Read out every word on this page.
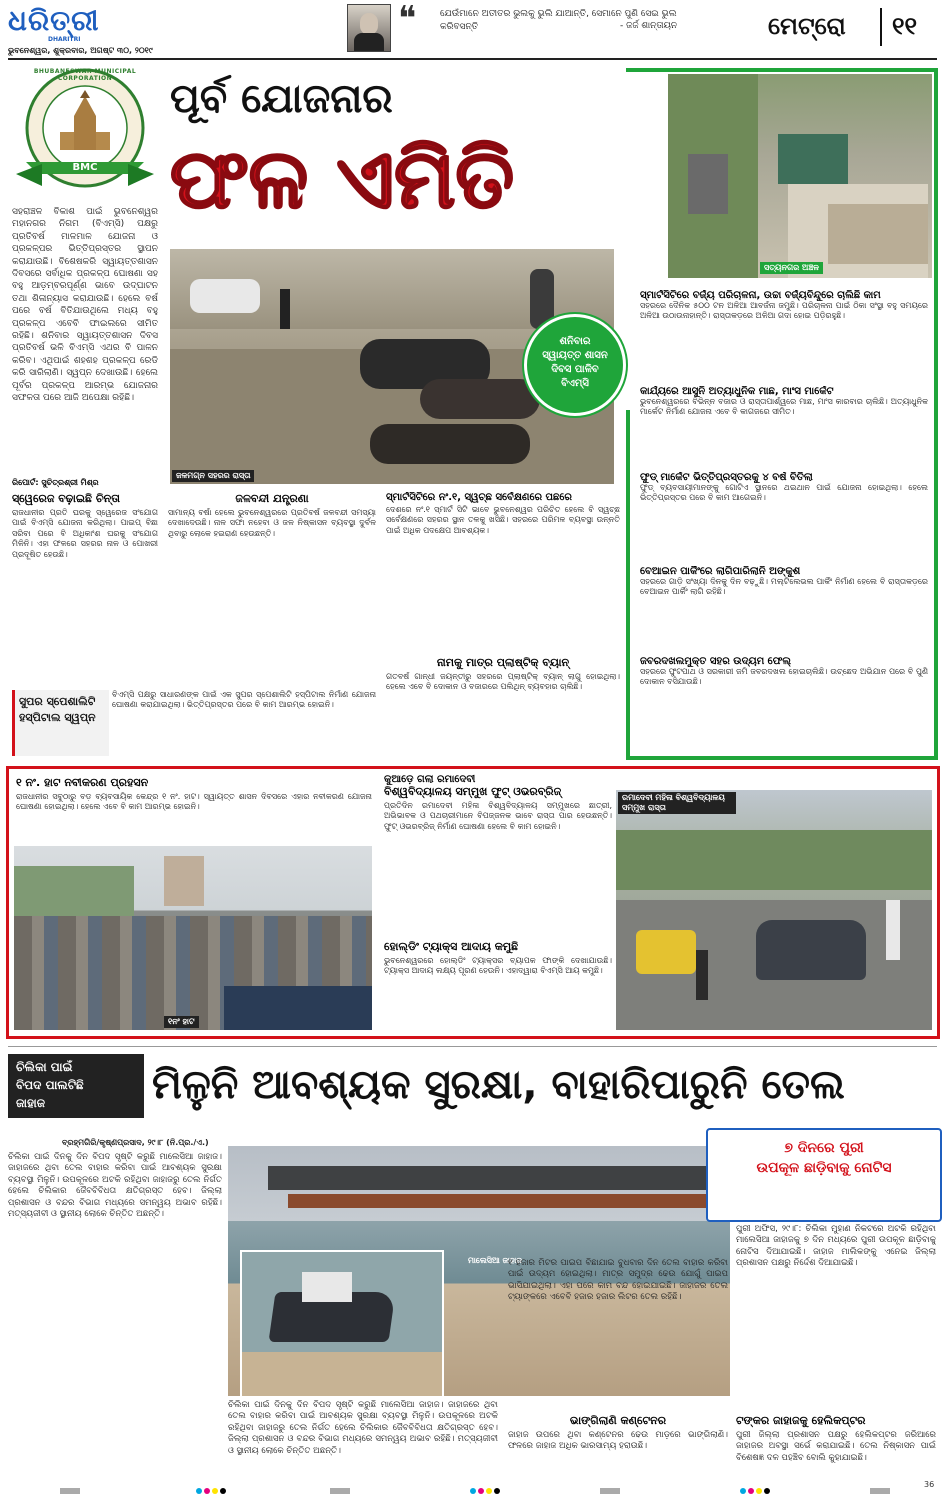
ଧରିତ୍ରୀ
DHARITRI
ଭୁବନେଶ୍ୱର, ଶୁକ୍ରବାର, ଅଗଷ୍ଟ ୩୦, ୨୦୧୯
❝	ଯେଉଁମାନେ ଅତୀତର ଭୁଲକୁ ଭୁଲି ଯାଆନ୍ତି, ସେମାନେ ପୁଣି ସେଇ ଭୁଲ କରିବସନ୍ତି	- ଜର୍ଜ ଶାନ୍ତାୟନ	ମେଟ୍ରୋ ୧୧
BHUBANESWAR MUNICIPAL CORPORATION
BMC
ପୂର୍ବ ଯୋଜନାର
ଫଳ ଏମିତି
ସହରାଞ୍ଚଳ ବିକାଶ ପାଇଁ ଭୁବନେଶ୍ୱର ମହାନଗର ନିଗମ (ବିଏମ୍‌ସି) ପକ୍ଷରୁ ପ୍ରତିବର୍ଷ ମାଳମାଳ ଯୋଜନା ଓ ପ୍ରକଳ୍ପର ଭିତ୍ତିପ୍ରସ୍ତର ସ୍ଥାପନ କରାଯାଉଛି। ବିଶେଷକରି ସ୍ୱାୟତ୍ତଶାସନ ଦିବସରେ ସର୍ବାଧିକ ପ୍ରକଳ୍ପ ଘୋଷଣା ସହ ବହୁ ଆଡ଼ମ୍ବରପୂର୍ଣ୍ଣ ଭାବେ ଉଦ୍‌ଘାଟନ ତଥା ଶିଳାନ୍ୟାସ କରାଯାଉଛି। ହେଲେ ବର୍ଷ ପରେ ବର୍ଷ ବିତିଯାଉଥିଲେ ମଧ୍ୟ ବହୁ ପ୍ରକଳ୍ପ ଏବେବି ଫାଇଲରେ ସୀମିତ ରହିଛି। ଶନିବାର ସ୍ୱାୟତ୍ତଶାସନ ଦିବସ ପ୍ରତିବର୍ଷ ଭଳି ବିଏମ୍‌ସି ଏଥର ବି ପାଳନ କରିବ। ଏଥିପାଇଁ ଶହଶହ ପ୍ରକଳ୍ପ ରେଡି କରି ସାରିଲାଣି। ସ୍ୱପ୍ନ ଦେଖାଉଛି। ହେଲେ ପୂର୍ବର ପ୍ରକଳ୍ପ ଆରମ୍ଭ ଯୋଜନାର ସଫଳତା ପରେ ଆଜି ଅପେକ୍ଷା ରହିଛି।
ରିପୋର୍ଟ: ସୁଚିତ୍ରଶ୍ରୀ ମିଶ୍ର
ଜଳମଗ୍ନ ସହରର ରାସ୍ତା
ଶନିବାର
ସ୍ୱାୟତ୍ତ ଶାସନ
ଦିବସ ପାଳିବ
ବିଏମ୍‌ସି
ସତ୍ୟନଗର ଅଞ୍ଚଳ
ସ୍ମାର୍ଟସିଟିରେ ବର୍ଜ୍ୟ ପରିଚାଳନା, ଉଚ୍ଚା ବର୍ଜ୍ୟବିନ୍ଦୁରେ ଚାଲିଛି କାମ
ସହରରେ ଦୈନିକ ୫୦୦ ଟନ ଅଳିଆ ଆବର୍ଜନା ଜମୁଛି। ପରିଚାଳନା ପାଇଁ ଠିକା ସଂସ୍ଥା ବହୁ ସମୟରେ ଅଳିଆ ଉଠାଉନାହାନ୍ତି। ରାସ୍ତାକଡ଼ରେ ଅଳିଆ ଗଦା ହୋଇ ପଡ଼ିରହୁଛି।
କାର୍ଯ୍ୟରେ ଆସୁନି ଅତ୍ୟାଧୁନିକ ମାଛ, ମାଂସ ମାର୍କେଟ
ଭୁବନେଶ୍ୱରରେ ବିଭିନ୍ନ ବଜାର ଓ ରାସ୍ତାପାର୍ଶ୍ୱରେ ମାଛ, ମାଂସ କାରବାର ଚାଲିଛି। ଅତ୍ୟାଧୁନିକ ମାର୍କେଟ ନିର୍ମାଣ ଯୋଜନା ଏବେ ବି କାଗଜରେ ସୀମିତ।
ଫୁଡ୍‌ ମାର୍କେଟ ଭିତ୍ତିପ୍ରସ୍ତରକୁ ୪ ବର୍ଷ ବିତିଲା
ଫୁଡ୍‌ ବ୍ୟବସାୟୀମାନଙ୍କୁ ଗୋଟିଏ ସ୍ଥାନରେ ଥଇଥାନ ପାଇଁ ଯୋଜନା ହୋଇଥିଲା। ହେଲେ ଭିତ୍ତିପ୍ରସ୍ତର ପରେ ବି କାମ ଆଗେଇନି।
ବେଆଇନ ପାର୍କିଂରେ ଲାଗିପାରିଲାନି ଅଙ୍କୁଶ
ସହରରେ ଗାଡ଼ି ସଂଖ୍ୟା ଦିନକୁ ଦିନ ବଢ଼ୁଛି। ମଲ୍ଟିଲେଭଲ ପାର୍କିଂ ନିର୍ମାଣ ହେଲେ ବି ରାସ୍ତାକଡ଼ରେ ବେଆଇନ ପାର୍କିଂ ଲାଗି ରହିଛି।
ଜବରଦଖଲମୁକ୍ତ ସହର ଉଦ୍ୟମ ଫେଲ୍
ସହରରେ ଫୁଟପାଥ ଓ ସରକାରୀ ଜମି ଜବରଦଖଲ ହୋଇଚାଲିଛି। ଉଚ୍ଛେଦ ଅଭିଯାନ ପରେ ବି ପୁଣି ଦୋକାନ ବସିଯାଉଛି।
ସ୍ୱେରେଜ ବଢ଼ାଇଛି ଚିନ୍ତା
ରାଜଧାନୀର ପ୍ରତି ଘରକୁ ସ୍ୱେରେଜ ସଂଯୋଗ ପାଇଁ ବିଏମ୍‌ସି ଯୋଜନା କରିଥିଲା। ପାଇପ୍‌ ବିଛା ସରିବା ପରେ ବି ଅଧିକାଂଶ ଘରକୁ ସଂଯୋଗ ମିଳିନି। ଏହା ଫଳରେ ସହରର ନାଳ ଓ ପୋଖରୀ ପ୍ରଦୂଷିତ ହେଉଛି।
ଜଳବନ୍ଦୀ ଯନ୍ତ୍ରଣା
ସାମାନ୍ୟ ବର୍ଷା ହେଲେ ଭୁବନେଶ୍ୱରରେ ପ୍ରତିବର୍ଷ ଜଳବନ୍ଦୀ ସମସ୍ୟା ଦେଖାଦେଉଛି। ନାଳ ସଫା ନହେବା ଓ ଜଳ ନିଷ୍କାସନ ବ୍ୟବସ୍ଥା ଦୁର୍ବଳ ଥିବାରୁ ଲୋକେ ହଇରାଣ ହେଉଛନ୍ତି।
ସ୍ମାର୍ଟସିଟିରେ ନଂ.୧, ସ୍ୱଚ୍ଛ ସର୍ବେକ୍ଷଣରେ ପଛରେ
ଦେଶରେ ନଂ.୧ ସ୍ମାର୍ଟ ସିଟି ଭାବେ ଭୁବନେଶ୍ୱର ପରିଚିତ ହେଲେ ବି ସ୍ୱଚ୍ଛ ସର୍ବେକ୍ଷଣରେ ସହରର ସ୍ଥାନ ତଳକୁ ଖସିଛି। ସହରରେ ପରିମଳ ବ୍ୟବସ୍ଥା ଉନ୍ନତି ପାଇଁ ଅଧିକ ପଦକ୍ଷେପ ଆବଶ୍ୟକ।
ନାମକୁ ମାତ୍ର ପ୍ଲାଷ୍ଟିକ୍ ବ୍ୟାନ୍
ଗତବର୍ଷ ଗାନ୍ଧୀ ଜୟନ୍ତୀରୁ ସହରରେ ପ୍ଲାଷ୍ଟିକ୍ ବ୍ୟାନ୍ ଲାଗୁ ହୋଇଥିଲା। ହେଲେ ଏବେ ବି ଦୋକାନ ଓ ବଜାରରେ ପଲିଥିନ୍ ବ୍ୟବହାର ଚାଲିଛି।
ସୁପର ସ୍ପେଶାଲିଟି ହସ୍ପିଟାଲ ସ୍ୱପ୍ନ
ବିଏମ୍‌ସି ପକ୍ଷରୁ ସାଧାରଣଙ୍କ ପାଇଁ ଏକ ସୁପର ସ୍ପେଶାଲିଟି ହସ୍ପିଟାଲ ନିର୍ମାଣ ଯୋଜନା ଘୋଷଣା କରାଯାଇଥିଲା। ଭିତ୍ତିପ୍ରସ୍ତର ପରେ ବି କାମ ଆରମ୍ଭ ହୋଇନି।
୧ ନଂ. ହାଟ ନବୀକରଣ ପ୍ରହସନ
ରାଜଧାନୀର ସବୁଠାରୁ ବଡ଼ ବ୍ୟବସାୟିକ କେନ୍ଦ୍ର ୧ ନଂ. ହାଟ। ସ୍ୱାୟତ୍ତ ଶାସନ ଦିବସରେ ଏହାର ନବୀକରଣ ଯୋଜନା ଘୋଷଣା ହୋଇଥିଲା। ହେଲେ ଏବେ ବି କାମ ଆରମ୍ଭ ହୋଇନି।
୧ନଂ ହାଟ
କୁଆଡ଼େ ଗଲା ରମାଦେବୀ
ବିଶ୍ୱବିଦ୍ୟାଳୟ ସମ୍ମୁଖ ଫୁଟ୍ ଓଭରବ୍ରିଜ୍
ପ୍ରତିଦିନ ରମାଦେବୀ ମହିଳା ବିଶ୍ୱବିଦ୍ୟାଳୟ ସମ୍ମୁଖରେ ଛାତ୍ରୀ, ଅଭିଭାବକ ଓ ପଥଚାରୀମାନେ ବିପଜ୍ଜନକ ଭାବେ ରାସ୍ତା ପାର ହେଉଛନ୍ତି। ଫୁଟ୍ ଓଭରବ୍ରିଜ୍ ନିର୍ମାଣ ଘୋଷଣା ହେଲେ ବି କାମ ହୋଇନି।
ହୋଲ୍ଡିଂ ଟ୍ୟାକ୍ସ ଆଦାୟ କମୁଛି
ଭୁବନେଶ୍ୱରରେ ହୋଲ୍ଡିଂ ଟ୍ୟାକ୍ସର ବ୍ୟାପକ ଫାଙ୍କି ଦେଖାଯାଉଛି। ଟ୍ୟାକ୍ସ ଆଦାୟ ଲକ୍ଷ୍ୟ ପୂରଣ ହେଉନି। ଏହାଦ୍ୱାରା ବିଏମ୍‌ସି ଆୟ କମୁଛି।
ରମାଦେବୀ ମହିଳା ବିଶ୍ୱବିଦ୍ୟାଳୟ ସମ୍ମୁଖ ରାସ୍ତା
ଚିଲିକା ପାଇଁ
ବିପଦ ପାଲଟିଛି
ଜାହାଜ	ମିଳୁନି ଆବଶ୍ୟକ ସୁରକ୍ଷା, ବାହାରିପାରୁନି ତେଲ
ବ୍ରହ୍ମଗିରି/କୃଷ୍ଣପ୍ରସାଦ, ୨୯।୮ (ନି.ପ୍ର./ଏ.)
ଚିଲିକା ପାଇଁ ଦିନକୁ ଦିନ ବିପଦ ସୃଷ୍ଟି କରୁଛି ମାଲେସିଆ ଜାହାଜ। ଜାହାଜରେ ଥିବା ତେଲ ବାହାର କରିବା ପାଇଁ ଆବଶ୍ୟକ ସୁରକ୍ଷା ବ୍ୟବସ୍ଥା ମିଳୁନି। ଉପକୂଳରେ ଅଟକି ରହିଥିବା ଜାହାଜରୁ ତେଲ ନିର୍ଗତ ହେଲେ ଚିଲିକାର ଜୈବବିବିଧତା କ୍ଷତିଗ୍ରସ୍ତ ହେବ। ଜିଲ୍ଲା ପ୍ରଶାସନ ଓ ବନ୍ଦର ବିଭାଗ ମଧ୍ୟରେ ସମନ୍ୱୟ ଅଭାବ ରହିଛି। ମତ୍ସ୍ୟଜୀବୀ ଓ ସ୍ଥାନୀୟ ଲୋକେ ଚିନ୍ତିତ ଅଛନ୍ତି।
ମାଲେସିଆ ଜାହାଜ
୭ ଦିନରେ ପୁରୀ
ଉପକୂଳ ଛାଡ଼ିବାକୁ ନୋଟିସ
୧ ହଜାର ମିଟର ପାଇପ ବିଛାଯାଇ ବୁଧବାର ଦିନ ତେଲ ବାହାର କରିବା ପାଇଁ ଉଦ୍ୟମ ହୋଇଥିଲା। ମାତ୍ର ସମୁଦ୍ର ଢେଉ ଯୋଗୁଁ ପାଇପ ଭାସିଯାଇଥିଲା। ଏହା ପରେ କାମ ବନ୍ଦ ହୋଇଯାଇଛି। ଜାହାଜର ତେଲ ଟ୍ୟାଙ୍କରେ ଏବେବି ହଜାର ହଜାର ଲିଟର ତେଲ ରହିଛି।
ଚିଲିକା ପାଇଁ ଦିନକୁ ଦିନ ବିପଦ ସୃଷ୍ଟି କରୁଛି ମାଲେସିଆ ଜାହାଜ। ଜାହାଜରେ ଥିବା ତେଲ ବାହାର କରିବା ପାଇଁ ଆବଶ୍ୟକ ସୁରକ୍ଷା ବ୍ୟବସ୍ଥା ମିଳୁନି। ଉପକୂଳରେ ଅଟକି ରହିଥିବା ଜାହାଜରୁ ତେଲ ନିର୍ଗତ ହେଲେ ଚିଲିକାର ଜୈବବିବିଧତା କ୍ଷତିଗ୍ରସ୍ତ ହେବ। ଜିଲ୍ଲା ପ୍ରଶାସନ ଓ ବନ୍ଦର ବିଭାଗ ମଧ୍ୟରେ ସମନ୍ୱୟ ଅଭାବ ରହିଛି। ମତ୍ସ୍ୟଜୀବୀ ଓ ସ୍ଥାନୀୟ ଲୋକେ ଚିନ୍ତିତ ଅଛନ୍ତି।
ଭାଙ୍ଗିଲାଣି କଣ୍ଟେନର
ଜାହାଜ ଉପରେ ଥିବା କଣ୍ଟେନର ଢେଉ ମାଡ଼ରେ ଭାଙ୍ଗିଲାଣି। ଫଳରେ ଜାହାଜ ଅଧିକ ଭାରସାମ୍ୟ ହରାଉଛି।
ପୁରୀ ଅଫିସ, ୨୯।୮: ଚିଲିକା ମୁହାଣ ନିକଟରେ ଅଟକି ରହିଥିବା ମାଲେସିଆ ଜାହାଜକୁ ୭ ଦିନ ମଧ୍ୟରେ ପୁରୀ ଉପକୂଳ ଛାଡ଼ିବାକୁ ନୋଟିସ ଦିଆଯାଇଛି। ଜାହାଜ ମାଲିକଙ୍କୁ ଏନେଇ ଜିଲ୍ଲା ପ୍ରଶାସନ ପକ୍ଷରୁ ନିର୍ଦ୍ଦେଶ ଦିଆଯାଇଛି।
ଟଙ୍କର ଜାହାଜକୁ ହେଲିକପ୍ଟର
ପୁରୀ ଜିଲ୍ଲା ପ୍ରଶାସନ ପକ୍ଷରୁ ହେଲିକପ୍ଟର ଜରିଆରେ ଜାହାଜର ଅବସ୍ଥା ସର୍ଭେ କରାଯାଇଛି। ତେଲ ନିଷ୍କାସନ ପାଇଁ ବିଶେଷଜ୍ଞ ଦଳ ପହଞ୍ଚିବ ବୋଲି କୁହାଯାଇଛି।
36
